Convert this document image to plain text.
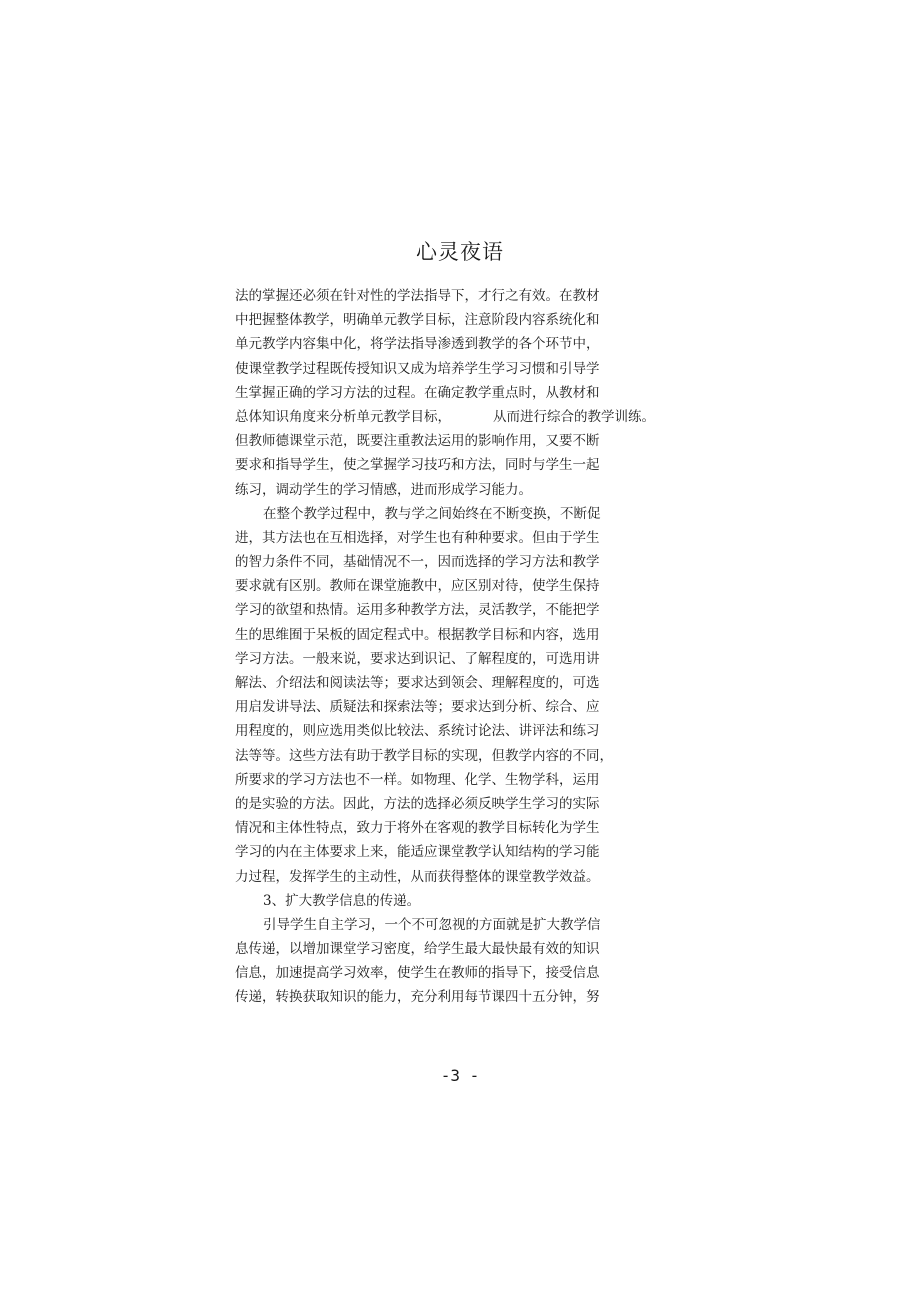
心灵夜语
法的掌握还必须在针对性的学法指导下，才行之有效。在教材
中把握整体教学，明确单元教学目标，注意阶段内容系统化和
单元教学内容集中化，将学法指导渗透到教学的各个环节中，
使课堂教学过程既传授知识又成为培养学生学习习惯和引导学
生掌握正确的学习方法的过程。在确定教学重点时，从教材和
总体知识角度来分析单元教学目标，	从而进行综合的教学训练。
但教师德课堂示范，既要注重教法运用的影响作用，又要不断
要求和指导学生，使之掌握学习技巧和方法，同时与学生一起
练习，调动学生的学习情感，进而形成学习能力。
在整个教学过程中，教与学之间始终在不断变换，不断促
进，其方法也在互相选择，对学生也有种种要求。但由于学生
的智力条件不同，基础情况不一，因而选择的学习方法和教学
要求就有区别。教师在课堂施教中，应区别对待，使学生保持
学习的欲望和热情。运用多种教学方法，灵活教学，不能把学
生的思维囿于呆板的固定程式中。根据教学目标和内容，选用
学习方法。一般来说，要求达到识记、了解程度的，可选用讲
解法、介绍法和阅读法等；要求达到领会、理解程度的，可选
用启发讲导法、质疑法和探索法等；要求达到分析、综合、应
用程度的，则应选用类似比较法、系统讨论法、讲评法和练习
法等等。这些方法有助于教学目标的实现，但教学内容的不同，
所要求的学习方法也不一样。如物理、化学、生物学科，运用
的是实验的方法。因此，方法的选择必须反映学生学习的实际
情况和主体性特点，致力于将外在客观的教学目标转化为学生
学习的内在主体要求上来，能适应课堂教学认知结构的学习能
力过程，发挥学生的主动性，从而获得整体的课堂教学效益。
3、扩大教学信息的传递。
引导学生自主学习，一个不可忽视的方面就是扩大教学信
息传递，以增加课堂学习密度，给学生最大最快最有效的知识
信息，加速提高学习效率，使学生在教师的指导下，接受信息
传递，转换获取知识的能力，充分利用每节课四十五分钟，努
-3 -
